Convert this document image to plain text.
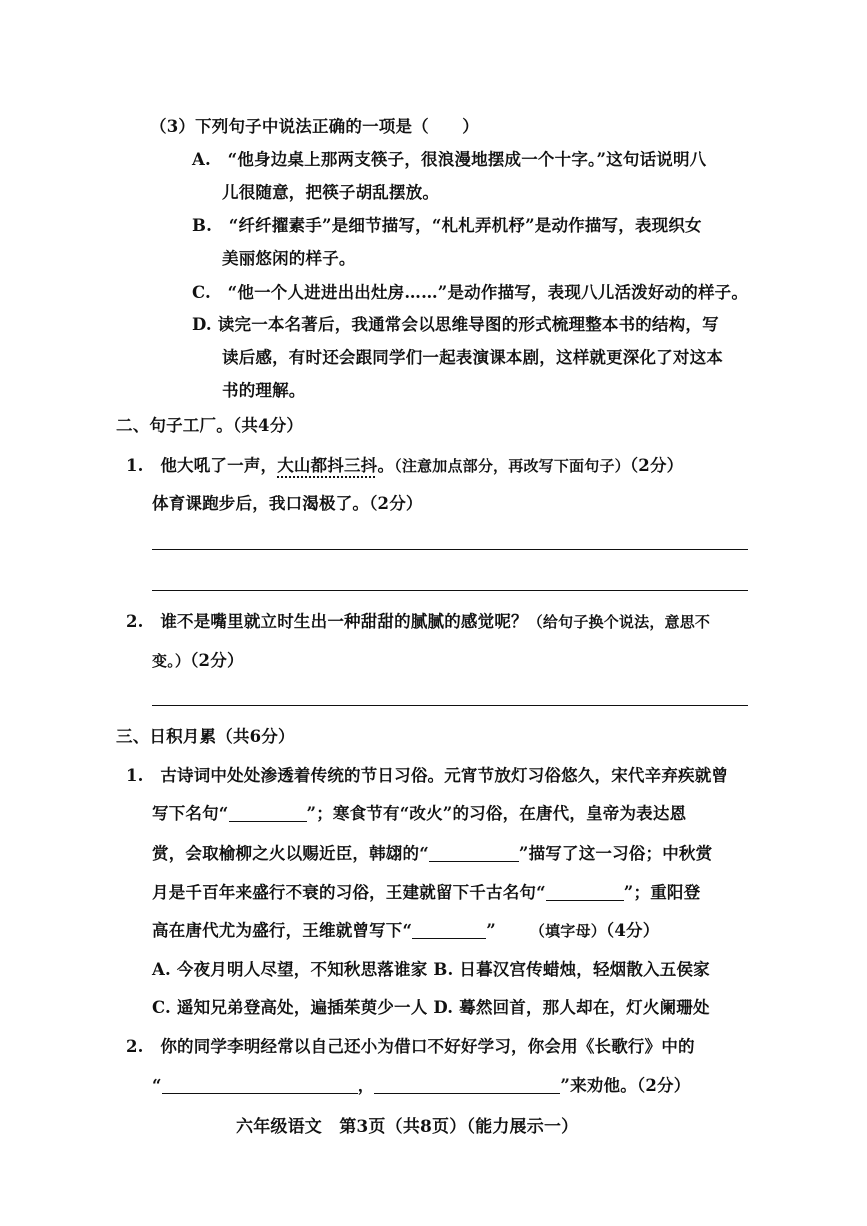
（3）下列句子中说法正确的一项是（　　）
A.　“他身边桌上那两支筷子，很浪漫地摆成一个十字。”这句话说明八
儿很随意，把筷子胡乱摆放。
B.　“纤纤擢素手”是细节描写，“札札弄机杼”是动作描写，表现织女
美丽悠闲的样子。
C.　“他一个人进进出出灶房……”是动作描写，表现八儿活泼好动的样子。
D. 读完一本名著后，我通常会以思维导图的形式梳理整本书的结构，写
读后感，有时还会跟同学们一起表演课本剧，这样就更深化了对这本
书的理解。
二、句子工厂。（共4分）
1.　他大吼了一声，大山都抖三抖。（注意加点部分，再改写下面句子）（2分）
体育课跑步后，我口渴极了。（2分）
2.　谁不是嘴里就立时生出一种甜甜的腻腻的感觉呢？（给句子换个说法，意思不
变。）（2分）
三、日积月累（共6分）
1.　古诗词中处处渗透着传统的节日习俗。元宵节放灯习俗悠久，宋代辛弃疾就曾
写下名句“	”；寒食节有“改火”的习俗，在唐代，皇帝为表达恩
赏，会取榆柳之火以赐近臣，韩翃的“	”描写了这一习俗；中秋赏
月是千百年来盛行不衰的习俗，王建就留下千古名句“	”；重阳登
高在唐代尤为盛行，王维就曾写下“	” （填字母）（4分）
A. 今夜月明人尽望，不知秋思落谁家 B. 日暮汉宫传蜡烛，轻烟散入五侯家
C. 遥知兄弟登高处，遍插茱萸少一人 D. 蓦然回首，那人却在，灯火阑珊处
2.　你的同学李明经常以自己还小为借口不好好学习，你会用《长歌行》中的
“	，	”来劝他。（2分）
六年级语文　第3页（共8页）（能力展示一）
